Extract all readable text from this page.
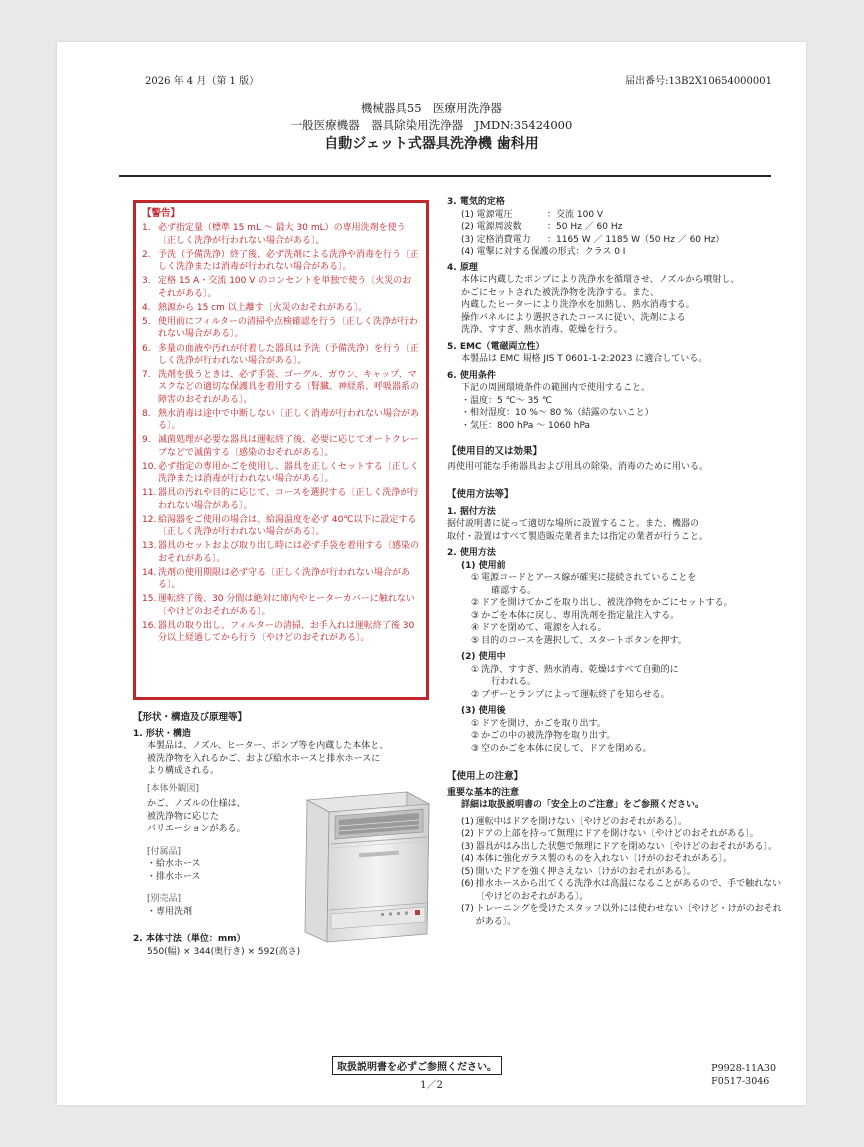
2026 年 4 月（第 1 版）	届出番号:13B2X10654000001
機械器具55　医療用洗浄器
一般医療機器　器具除染用洗浄器　JMDN:35424000
自動ジェット式器具洗浄機 歯科用
【警告】
1. 必ず指定量（標準 15 mL ～ 最大 30 mL）の専用洗剤を使う〔正しく洗浄が行われない場合がある〕。
2. 予洗（予備洗浄）終了後、必ず洗剤による洗浄や消毒を行う〔正しく洗浄または消毒が行われない場合がある〕。
3. 定格 15 A・交流 100 V のコンセントを単独で使う〔火災のおそれがある〕。
4. 熱源から 15 cm 以上離す〔火災のおそれがある〕。
5. 使用前にフィルターの清掃や点検確認を行う〔正しく洗浄が行われない場合がある〕。
6. 多量の血液や汚れが付着した器具は予洗（予備洗浄）を行う〔正しく洗浄が行われない場合がある〕。
7. 洗剤を扱うときは、必ず手袋、ゴーグル、ガウン、キャップ、マスクなどの適切な保護具を着用する〔腎臓、神経系、呼吸器系の障害のおそれがある〕。
8. 熱水消毒は途中で中断しない〔正しく消毒が行われない場合がある〕。
9. 滅菌処理が必要な器具は運転終了後、必要に応じてオートクレーブなどで滅菌する〔感染のおそれがある〕。
10. 必ず指定の専用かごを使用し、器具を正しくセットする〔正しく洗浄または消毒が行われない場合がある〕。
11. 器具の汚れや目的に応じて、コースを選択する〔正しく洗浄が行われない場合がある〕。
12. 給湯器をご使用の場合は、給湯温度を必ず 40℃以下に設定する〔正しく洗浄が行われない場合がある〕。
13. 器具のセットおよび取り出し時には必ず手袋を着用する〔感染のおそれがある〕。
14. 洗剤の使用期限は必ず守る〔正しく洗浄が行われない場合がある〕。
15. 運転終了後、30 分間は絶対に庫内やヒーターカバーに触れない〔やけどのおそれがある〕。
16. 器具の取り出し、フィルターの清掃、お手入れは運転終了後 30 分以上経過してから行う〔やけどのおそれがある〕。
【形状・構造及び原理等】
1. 形状・構造
本製品は、ノズル、ヒーター、ポンプ等を内蔵した本体と、
被洗浄物を入れるかご、および給水ホースと排水ホースに
より構成される。
[本体外観図]
かご、ノズルの仕様は、
被洗浄物に応じた
バリエーションがある。
[付属品]
・給水ホース
・排水ホース
[別売品]
・専用洗剤
2. 本体寸法（単位：mm）
550(幅) × 344(奥行き) × 592(高さ)
3. 電気的定格
(1) 電源電圧	：交流 100 V
(2) 電源周波数	：50 Hz ／ 60 Hz
(3) 定格消費電力	：1165 W ／ 1185 W（50 Hz ／ 60 Hz）
(4) 電撃に対する保護の形式 ：クラス 0 I
4. 原理
本体に内蔵したポンプにより洗浄水を循環させ、ノズルから噴射し、
かごにセットされた被洗浄物を洗浄する。また、
内蔵したヒーターにより洗浄水を加熱し、熱水消毒する。
操作パネルにより選択されたコースに従い、洗剤による
洗浄、すすぎ、熱水消毒、乾燥を行う。
5. EMC（電磁両立性）
本製品は EMC 規格 JIS T 0601-1-2:2023 に適合している。
6. 使用条件
下記の周囲環境条件の範囲内で使用すること。
・温度：5 ℃～ 35 ℃
・相対湿度：10 %～ 80 %（結露のないこと）
・気圧：800 hPa ～ 1060 hPa
【使用目的又は効果】
再使用可能な手術器具および用具の除染、消毒のために用いる。
【使用方法等】
1. 据付方法
据付説明書に従って適切な場所に設置すること。また、機器の
取付・設置はすべて製造販売業者または指定の業者が行うこと。
2. 使用方法
(1) 使用前
① 電源コードとアース線が確実に接続されていることを
確認する。
② ドアを開けてかごを取り出し、被洗浄物をかごにセットする。
③ かごを本体に戻し、専用洗剤を指定量注入する。
④ ドアを閉めて、電源を入れる。
⑤ 目的のコースを選択して、スタートボタンを押す。
(2) 使用中
① 洗浄、すすぎ、熱水消毒、乾燥はすべて自動的に
行われる。
② ブザーとランプによって運転終了を知らせる。
(3) 使用後
① ドアを開け、かごを取り出す。
② かごの中の被洗浄物を取り出す。
③ 空のかごを本体に戻して、ドアを閉める。
【使用上の注意】
重要な基本的注意
詳細は取扱説明書の「安全上のご注意」をご参照ください。
(1) 運転中はドアを開けない〔やけどのおそれがある〕。
(2) ドアの上部を持って無理にドアを開けない〔やけどのおそれがある〕。
(3) 器具がはみ出した状態で無理にドアを閉めない〔やけどのおそれがある〕。
(4) 本体に強化ガラス製のものを入れない〔けがのおそれがある〕。
(5) 開いたドアを強く押さえない〔けがのおそれがある〕。
(6) 排水ホースから出てくる洗浄水は高温になることがあるので、手で触れない〔やけどのおそれがある〕。
(7) トレーニングを受けたスタッフ以外には使わせない〔やけど・けがのおそれがある〕。
取扱説明書を必ずご参照ください。
1／2
P9928-11A30
F0517-3046
